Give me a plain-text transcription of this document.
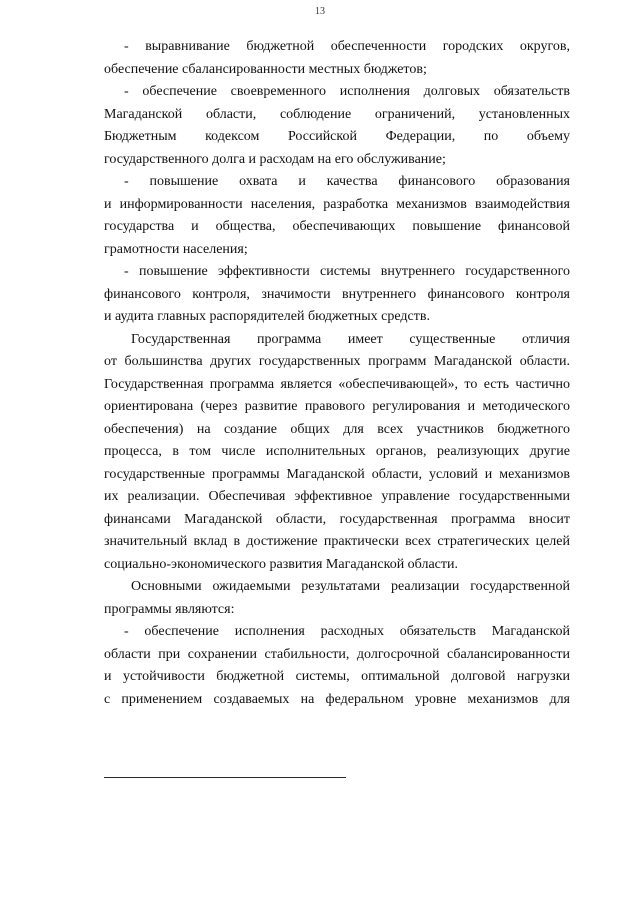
13
- выравнивание бюджетной обеспеченности городских округов,
обеспечение сбалансированности местных бюджетов;
- обеспечение своевременного исполнения долговых обязательств
Магаданской области, соблюдение ограничений, установленных
Бюджетным кодексом Российской Федерации, по объему
государственного долга и расходам на его обслуживание;
- повышение охвата и качества финансового образования
и информированности населения, разработка механизмов взаимодействия
государства и общества, обеспечивающих повышение финансовой
грамотности населения;
- повышение эффективности системы внутреннего государственного
финансового контроля, значимости внутреннего финансового контроля
и аудита главных распорядителей бюджетных средств.
Государственная программа имеет существенные отличия
от большинства других государственных программ Магаданской области.
Государственная программа является «обеспечивающей», то есть частично
ориентирована (через развитие правового регулирования и методического
обеспечения) на создание общих для всех участников бюджетного
процесса, в том числе исполнительных органов, реализующих другие
государственные программы Магаданской области, условий и механизмов
их реализации. Обеспечивая эффективное управление государственными
финансами Магаданской области, государственная программа вносит
значительный вклад в достижение практически всех стратегических целей
социально-экономического развития Магаданской области.
Основными ожидаемыми результатами реализации государственной
программы являются:
- обеспечение исполнения расходных обязательств Магаданской
области при сохранении стабильности, долгосрочной сбалансированности
и устойчивости бюджетной системы, оптимальной долговой нагрузки
с применением создаваемых на федеральном уровне механизмов для
